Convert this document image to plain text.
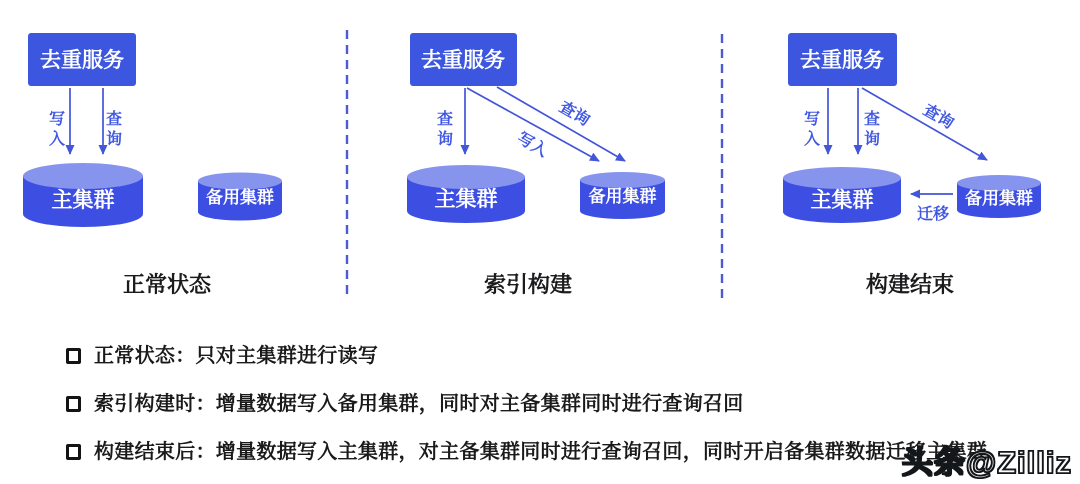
去重服务
写
入
查
询
主集群	备用集群
正常状态
去重服务
查
询	写入
查询
主集群	备用集群
索引构建
去重服务
写
入
查
询
查询
主集群	备用集群
迁移
构建结束
正常状态：只对主集群进行读写
索引构建时：增量数据写入备用集群，同时对主备集群同时进行查询召回
构建结束后：增量数据写入主集群，对主备集群同时进行查询召回，同时开启备集群数据迁移主集群
头条@Zilliz
